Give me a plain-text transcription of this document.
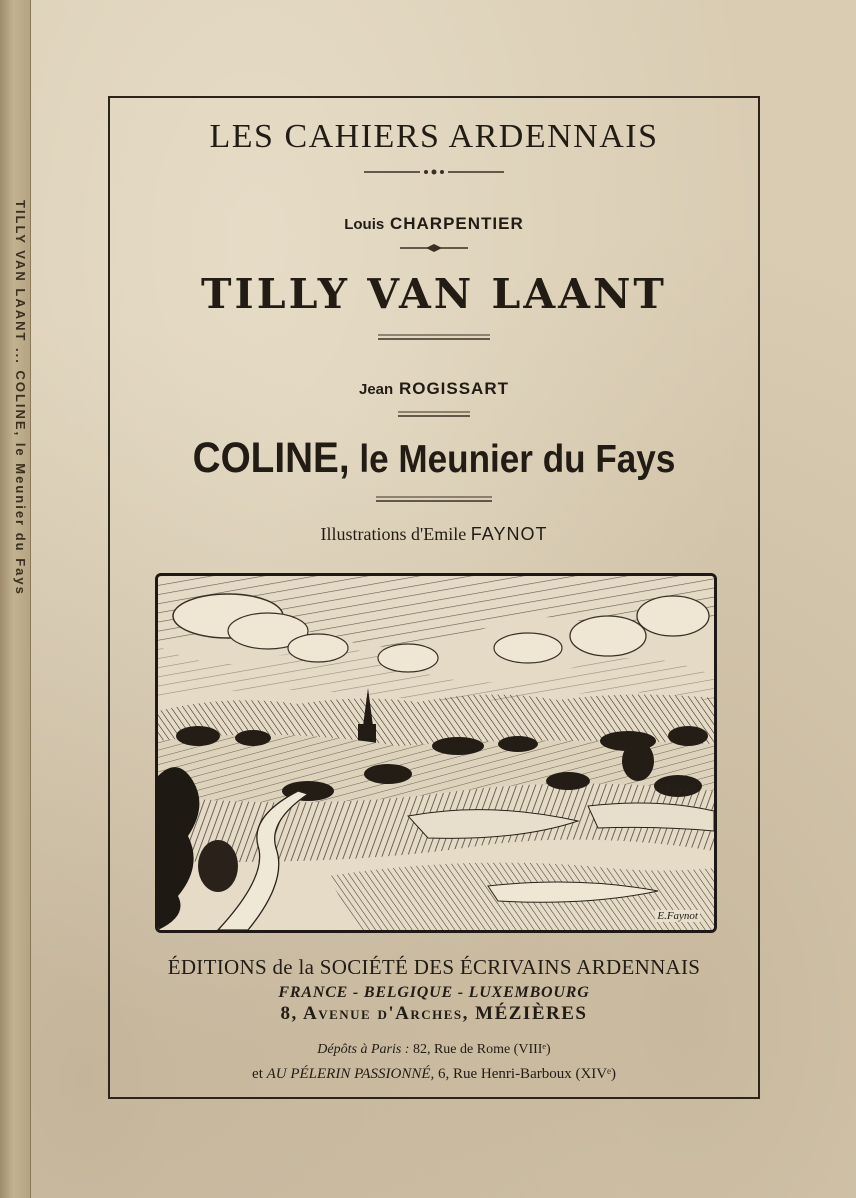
TILLY VAN LAANT ... COLINE, le Meunier du Fays
LES CAHIERS ARDENNAIS
Louis CHARPENTIER
TILLY VAN LAANT
Jean ROGISSART
COLINE, le Meunier du Fays
Illustrations d'Emile FAYNOT
E.Faynot
ÉDITIONS de la SOCIÉTÉ DES ÉCRIVAINS ARDENNAIS
FRANCE - BELGIQUE - LUXEMBOURG
8, Avenue d'Arches, MÉZIÈRES
Dépôts à Paris : 82, Rue de Rome (VIIIᵉ)
et AU PÉLERIN PASSIONNÉ, 6, Rue Henri-Barboux (XIVᵉ)
